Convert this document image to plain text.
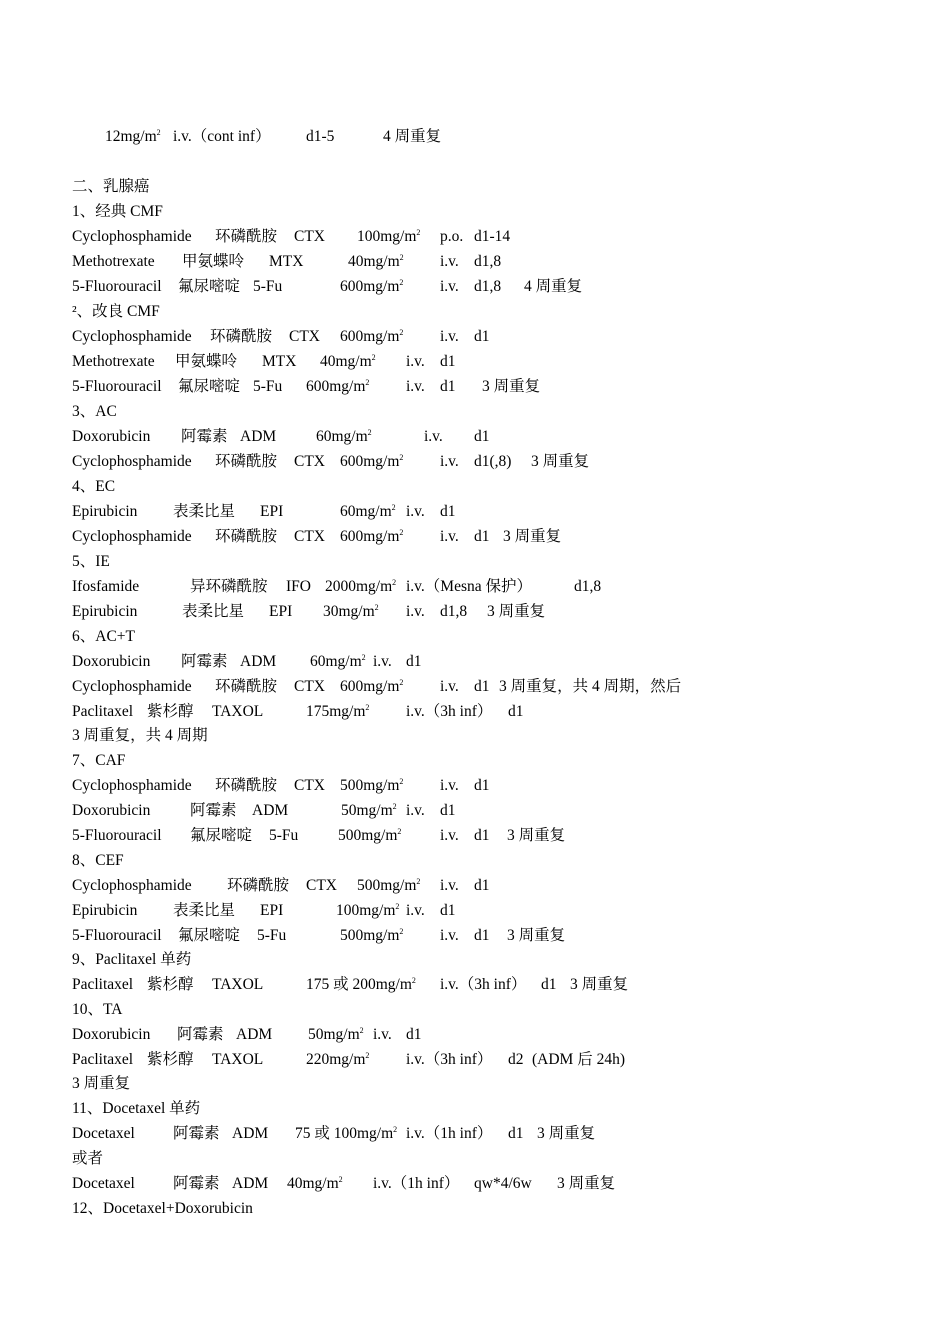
$12mg/m^2$ i.v.（cont inf） d1-5	4 周重复
二、乳腺癌
1、经典 CMF
Cyclophosphamide 环磷酰胺 CTX $100mg/m^2$ p.o. d1-14
Methotrexate 甲氨蝶呤 MTX	$40mg/m^2$ i.v. d1,8
5-Fluorouracil 氟尿嘧啶 5-Fu	$600mg/m^2$ i.v. d1,8 4 周重复
²、改良 CMF
Cyclophosphamide 环磷酰胺 CTX $600mg/m^2$ i.v. d1
Methotrexate 甲氨蝶呤 MTX $40mg/m^2$ i.v. d1
5-Fluorouracil 氟尿嘧啶 5-Fu $600mg/m^2$ i.v. d1 3 周重复
3、AC
Doxorubicin 阿霉素 ADM	$60mg/m^2$	i.v. d1
Cyclophosphamide 环磷酰胺 CTX $600mg/m^2$ i.v. d1(,8) 3 周重复
4、EC
Epirubicin 表柔比星 EPI	$60mg/m^2$ i.v. d1
Cyclophosphamide 环磷酰胺 CTX $600mg/m^2$ i.v. d1 3 周重复
5、IE
Ifosfamide	异环磷酰胺 IFO $2000mg/m^2$ i.v.（Mesna 保护）	d1,8
Epirubicin	表柔比星 EPI $30mg/m^2$ i.v. d1,8 3 周重复
6、AC+T
Doxorubicin 阿霉素 ADM $60mg/m^2$ i.v. d1
Cyclophosphamide 环磷酰胺 CTX $600mg/m^2$ i.v. d1 3 周重复，共 4 周期，然后
Paclitaxel 紫杉醇 TAXOL	$175mg/m^2$ i.v.（3h inf） d1
3 周重复，共 4 周期
7、CAF
Cyclophosphamide 环磷酰胺 CTX $500mg/m^2$ i.v. d1
Doxorubicin	阿霉素 ADM	$50mg/m^2$ i.v. d1
5-Fluorouracil 氟尿嘧啶 5-Fu	$500mg/m^2$ i.v. d1 3 周重复
8、CEF
Cyclophosphamide 环磷酰胺 CTX $500mg/m^2$ i.v. d1
Epirubicin 表柔比星 EPI	$100mg/m^2$ i.v. d1
5-Fluorouracil 氟尿嘧啶 5-Fu	$500mg/m^2$ i.v. d1 3 周重复
9、Paclitaxel 单药
Paclitaxel 紫杉醇 TAXOL	175 或 $200mg/m^2$ i.v.（3h inf） d1 3 周重复
10、TA
Doxorubicin 阿霉素 ADM $50mg/m^2$ i.v. d1
Paclitaxel 紫杉醇 TAXOL	$220mg/m^2$ i.v.（3h inf） d2 (ADM 后 24h)
3 周重复
11、Docetaxel 单药
Docetaxel 阿霉素 ADM 75 或 $100mg/m^2$ i.v.（1h inf） d1 3 周重复
或者
Docetaxel 阿霉素 ADM $40mg/m^2$ i.v.（1h inf） qw*4/6w 3 周重复
12、Docetaxel+Doxorubicin
